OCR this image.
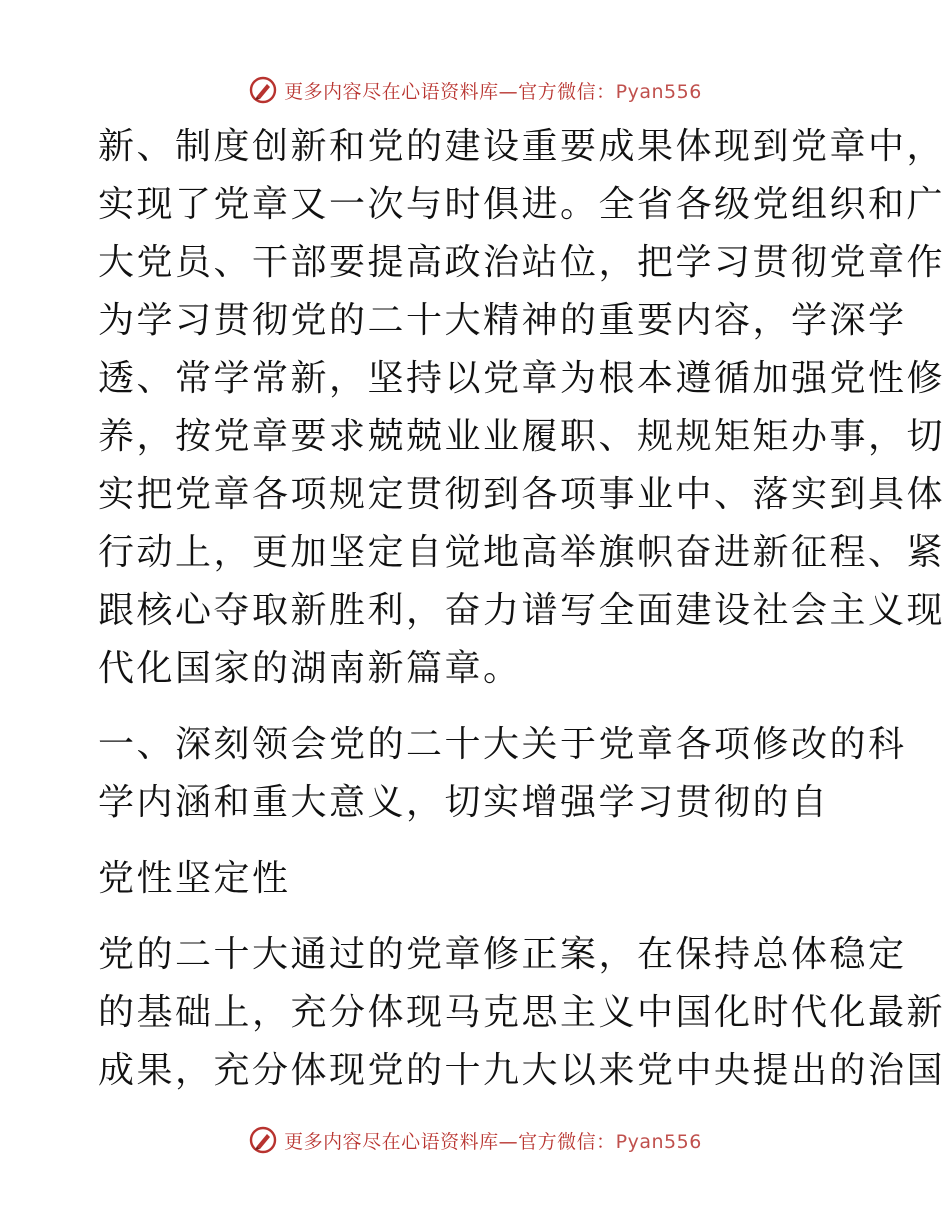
更多内容尽在心语资料库—官方微信：Pyan556
新、制度创新和党的建设重要成果体现到党章中，
实现了党章又一次与时俱进。全省各级党组织和广
大党员、干部要提高政治站位，把学习贯彻党章作
为学习贯彻党的二十大精神的重要内容，学深学
透、常学常新，坚持以党章为根本遵循加强党性修
养，按党章要求兢兢业业履职、规规矩矩办事，切
实把党章各项规定贯彻到各项事业中、落实到具体
行动上，更加坚定自觉地高举旗帜奋进新征程、紧
跟核心夺取新胜利，奋力谱写全面建设社会主义现
代化国家的湖南新篇章。
一、深刻领会党的二十大关于党章各项修改的科
学内涵和重大意义，切实增强学习贯彻的自
党性坚定性
党的二十大通过的党章修正案，在保持总体稳定
的基础上，充分体现马克思主义中国化时代化最新
成果，充分体现党的十九大以来党中央提出的治国
更多内容尽在心语资料库—官方微信：Pyan556
